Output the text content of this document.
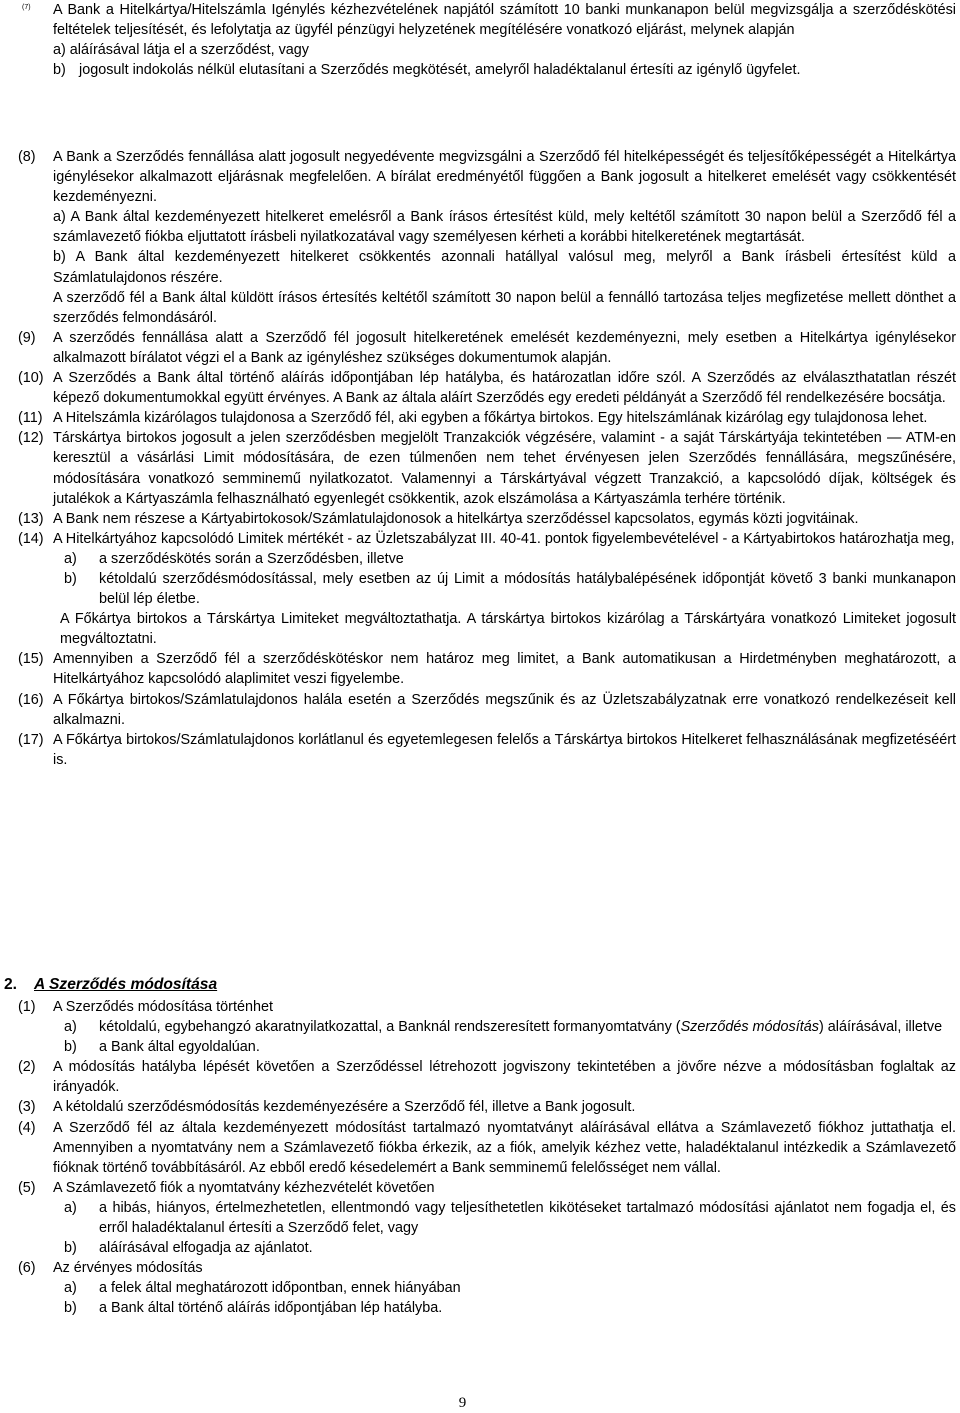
(7) A Bank a Hitelkártya/Hitelszámla Igénylés kézhezvételének napjától számított 10 banki munkanapon belül megvizsgálja a szerződéskötési feltételek teljesítését, és lefolytatja az ügyfél pénzügyi helyzetének megítélésére vonatkozó eljárást, melynek alapján

a) aláírásával látja el a szerződést, vagy

b) jogosult indokolás nélkül elutasítani a Szerződés megkötését, amelyről haladéktalanul értesíti az igénylő ügyfelet.

(8) A Bank a Szerződés fennállása alatt jogosult negyedévente megvizsgálni a Szerződő fél hitelképességét és teljesítőképességét a Hitelkártya igénylésekor alkalmazott eljárásnak megfelelően. A bírálat eredményétől függően a Bank jogosult a hitelkeret emelését vagy csökkentését kezdeményezni.

a) A Bank által kezdeményezett hitelkeret emelésről a Bank írásos értesítést küld, mely keltétől számított 30 napon belül a Szerződő fél a számlavezető fiókba eljuttatott írásbeli nyilatkozatával vagy személyesen kérheti a korábbi hitelkeretének megtartását.

b) A Bank által kezdeményezett hitelkeret csökkentés azonnali hatállyal valósul meg, melyről a Bank írásbeli értesítést küld a Számlatulajdonos részére.

A szerződő fél a Bank által küldött írásos értesítés keltétől számított 30 napon belül a fennálló tartozása teljes megfizetése mellett dönthet a szerződés felmondásáról.

(9) A szerződés fennállása alatt a Szerződő fél jogosult hitelkeretének emelését kezdeményezni, mely esetben a Hitelkártya igénylésekor alkalmazott bírálatot végzi el a Bank az igényléshez szükséges dokumentumok alapján.

(10) A Szerződés a Bank által történő aláírás időpontjában lép hatályba, és határozatlan időre szól. A Szerződés az elválaszthatatlan részét képező dokumentumokkal együtt érvényes. A Bank az általa aláírt Szerződés egy eredeti példányát a Szerződő fél rendelkezésére bocsátja.

(11) A Hitelszámla kizárólagos tulajdonosa a Szerződő fél, aki egyben a főkártya birtokos. Egy hitelszámlának kizárólag egy tulajdonosa lehet.

(12) Társkártya birtokos jogosult a jelen szerződésben megjelölt Tranzakciók végzésére, valamint - a saját Társkártyája tekintetében — ATM-en keresztül a vásárlási Limit módosítására, de ezen túlmenően nem tehet érvényesen jelen Szerződés fennállására, megszűnésére, módosítására vonatkozó semminemű nyilatkozatot. Valamennyi a Társkártyával végzett Tranzakció, a kapcsolódó díjak, költségek és jutalékok a Kártyaszámla felhasználható egyenlegét csökkentik, azok elszámolása a Kártyaszámla terhére történik.

(13) A Bank nem részese a Kártyabirtokosok/Számlatulajdonosok a hitelkártya szerződéssel kapcsolatos, egymás közti jogvitáinak.

(14) A Hitelkártyához kapcsolódó Limitek mértékét - az Üzletszabályzat III. 40-41. pontok figyelembevételével - a Kártyabirtokos határozhatja meg,

a) a szerződéskötés során a Szerződésben, illetve

b) kétoldalú szerződésmódosítással, mely esetben az új Limit a módosítás hatálybalépésének időpontját követő 3 banki munkanapon belül lép életbe.

A Főkártya birtokos a Társkártya Limiteket megváltoztathatja. A társkártya birtokos kizárólag a Társkártyára vonatkozó Limiteket jogosult megváltoztatni.

(15) Amennyiben a Szerződő fél a szerződéskötéskor nem határoz meg limitet, a Bank automatikusan a Hirdetményben meghatározott, a Hitelkártyához kapcsolódó alaplimitet veszi figyelembe.

(16) A Főkártya birtokos/Számlatulajdonos halála esetén a Szerződés megszűnik és az Üzletszabályzatnak erre vonatkozó rendelkezéseit kell alkalmazni.

(17) A Főkártya birtokos/Számlatulajdonos korlátlanul és egyetemlegesen felelős a Társkártya birtokos Hitelkeret felhasználásának megfizetéséért is.

2. A Szerződés módosítása

(1) A Szerződés módosítása történhet

a) kétoldalú, egybehangzó akaratnyilatkozattal, a Banknál rendszeresített formanyomtatvány (Szerződés módosítás) aláírásával, illetve

b) a Bank által egyoldalúan.

(2) A módosítás hatályba lépését követően a Szerződéssel létrehozott jogviszony tekintetében a jövőre nézve a módosításban foglaltak az irányadók.

(3) A kétoldalú szerződésmódosítás kezdeményezésére a Szerződő fél, illetve a Bank jogosult.

(4) A Szerződő fél az általa kezdeményezett módosítást tartalmazó nyomtatványt aláírásával ellátva a Számlavezető fiókhoz juttathatja el. Amennyiben a nyomtatvány nem a Számlavezető fiókba érkezik, az a fiók, amelyik kézhez vette, haladéktalanul intézkedik a Számlavezető fióknak történő továbbításáról. Az ebből eredő késedelemért a Bank semminemű felelősséget nem vállal.

(5) A Számlavezető fiók a nyomtatvány kézhezvételét követően

a) a hibás, hiányos, értelmezhetetlen, ellentmondó vagy teljesíthetetlen kikötéseket tartalmazó módosítási ajánlatot nem fogadja el, és erről haladéktalanul értesíti a Szerződő felet, vagy

b) aláírásával elfogadja az ajánlatot.

(6) Az érvényes módosítás

a) a felek által meghatározott időpontban, ennek hiányában

b) a Bank által történő aláírás időpontjában lép hatályba.

9
